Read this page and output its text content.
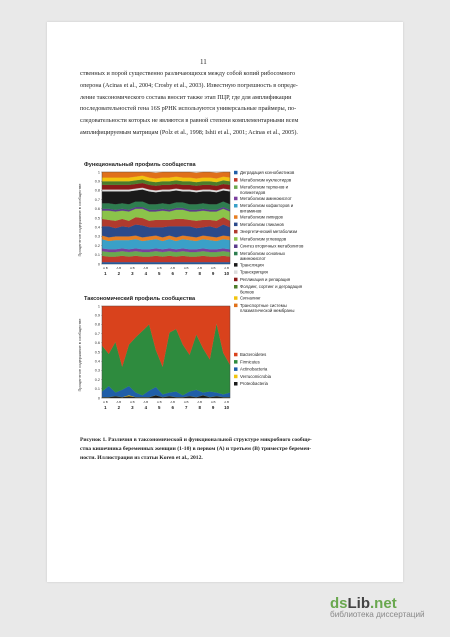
11

ственных и порой существенно различающихся между собой копий рибосомного

оперона (Acinas et al., 2004; Crosby et al., 2003). Известную погрешность в опреде-

ление таксономического состава вносит также этап ПЦР, где для амплификации

последовательностей гена 16S рРНК используются универсальные праймеры, по-

следовательности которых не являются в равной степени комплементарными всем

амплифицируемым матрицам (Polz et al., 1998; Ishii et al., 2001; Acinas et al., 2005).

Функциональный профиль сообщества
Процентное содержание в сообществе
0
0.1
0.2
0.3
0.4
0.5
0.6
0.7
0.8
0.9
1
A B
1
A B
2
A B
3
A B
4
A B
5
A B
6
A B
7
A B
8
A B
9
A B
10
Деградация ксенобиотиков
Метаболизм нуклеотидов
Метаболизм терпенов и поликетидов
Метаболизм аминокислот
Метаболизм кофакторов и витаминов
Метаболизм липидов
Метаболизм гликанов
Энергетический метаболизм
Метаболизм углеводов
Синтез вторичных метаболитов
Метаболизм основных аминокислот
Трансляция
Транскрипция
Репликация и репарация
Фолдинг, сортинг и деградация белков
Сигналинг
Транспортные системы плазматической мембраны
Таксономический профиль сообщества
Процентное содержание в сообществе
0
0.1
0.2
0.3
0.4
0.5
0.6
0.7
0.8
0.9
1
A B
1
A B
2
A B
3
A B
4
A B
5
A B
6
A B
7
A B
8
A B
9
A B
10
Bacteroidetes
Firmicutes
Actinobacteria
Verrucomicrobia
Proteobacteria
Рисунок 1. Различия в таксономической и функциональной структуре микробного сообще-
ства кишечника беременных женщин (1-10) в первом (А) и третьем (В) триместре беремен-
ности. Иллюстрация из статьи Koren et al., 2012.
dsLib.net
библиотека диссертаций
